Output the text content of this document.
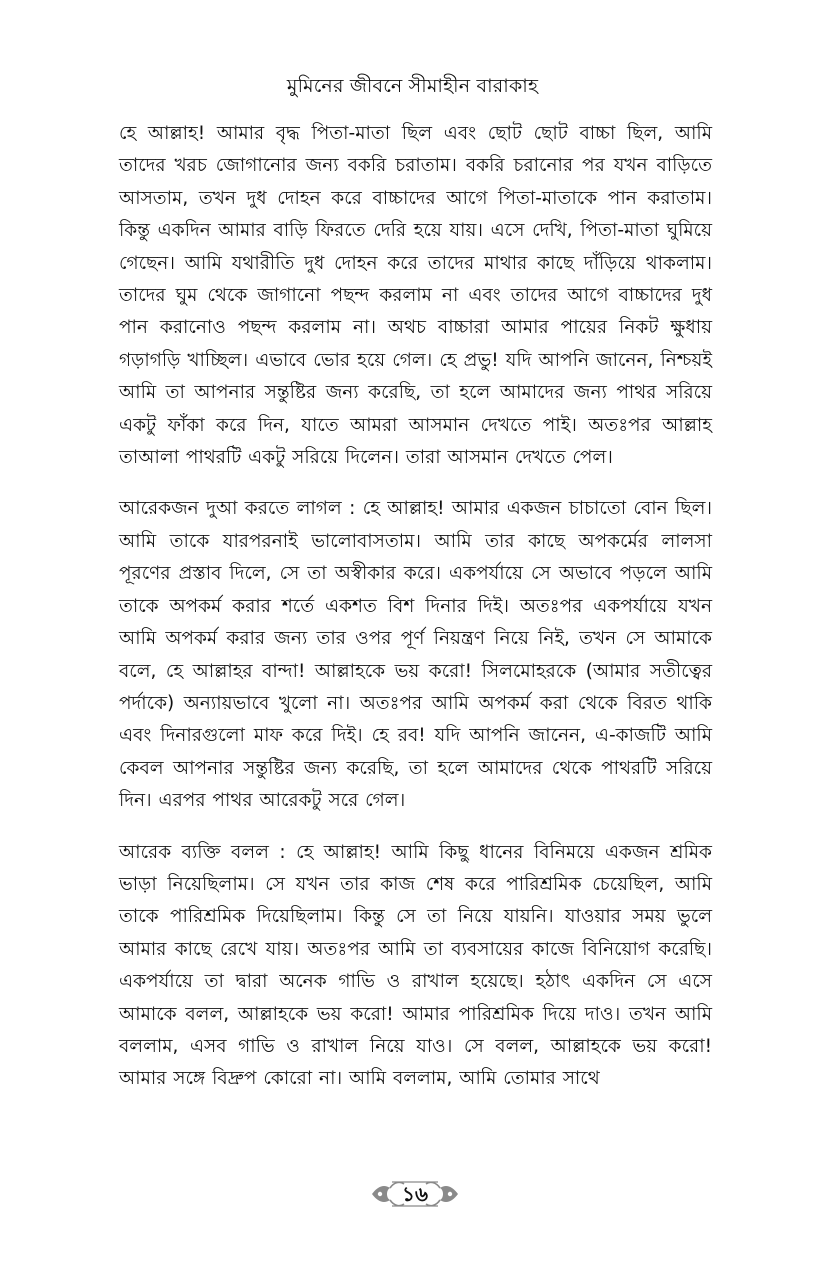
মুমিনের জীবনে সীমাহীন বারাকাহ

হে আল্লাহ! আমার বৃদ্ধ পিতা-মাতা ছিল এবং ছোট ছোট বাচ্চা ছিল, আমি তাদের খরচ জোগানোর জন্য বকরি চরাতাম। বকরি চরানোর পর যখন বাড়িতে আসতাম, তখন দুধ দোহন করে বাচ্চাদের আগে পিতা-মাতাকে পান করাতাম। কিন্তু একদিন আমার বাড়ি ফিরতে দেরি হয়ে যায়। এসে দেখি, পিতা-মাতা ঘুমিয়ে গেছেন। আমি যথারীতি দুধ দোহন করে তাদের মাথার কাছে দাঁড়িয়ে থাকলাম। তাদের ঘুম থেকে জাগানো পছন্দ করলাম না এবং তাদের আগে বাচ্চাদের দুধ পান করানোও পছন্দ করলাম না। অথচ বাচ্চারা আমার পায়ের নিকট ক্ষুধায় গড়াগড়ি খাচ্ছিল। এভাবে ভোর হয়ে গেল। হে প্রভু! যদি আপনি জানেন, নিশ্চয়ই আমি তা আপনার সন্তুষ্টির জন্য করেছি, তা হলে আমাদের জন্য পাথর সরিয়ে একটু ফাঁকা করে দিন, যাতে আমরা আসমান দেখতে পাই। অতঃপর আল্লাহ তাআলা পাথরটি একটু সরিয়ে দিলেন। তারা আসমান দেখতে পেল।

আরেকজন দুআ করতে লাগল : হে আল্লাহ! আমার একজন চাচাতো বোন ছিল। আমি তাকে যারপরনাই ভালোবাসতাম। আমি তার কাছে অপকর্মের লালসা পূরণের প্রস্তাব দিলে, সে তা অস্বীকার করে। একপর্যায়ে সে অভাবে পড়লে আমি তাকে অপকর্ম করার শর্তে একশত বিশ দিনার দিই। অতঃপর একপর্যায়ে যখন আমি অপকর্ম করার জন্য তার ওপর পূর্ণ নিয়ন্ত্রণ নিয়ে নিই, তখন সে আমাকে বলে, হে আল্লাহর বান্দা! আল্লাহকে ভয় করো! সিলমোহরকে (আমার সতীত্বের পর্দাকে) অন্যায়ভাবে খুলো না। অতঃপর আমি অপকর্ম করা থেকে বিরত থাকি এবং দিনারগুলো মাফ করে দিই। হে রব! যদি আপনি জানেন, এ-কাজটি আমি কেবল আপনার সন্তুষ্টির জন্য করেছি, তা হলে আমাদের থেকে পাথরটি সরিয়ে দিন। এরপর পাথর আরেকটু সরে গেল।

আরেক ব্যক্তি বলল : হে আল্লাহ! আমি কিছু ধানের বিনিময়ে একজন শ্রমিক ভাড়া নিয়েছিলাম। সে যখন তার কাজ শেষ করে পারিশ্রমিক চেয়েছিল, আমি তাকে পারিশ্রমিক দিয়েছিলাম। কিন্তু সে তা নিয়ে যায়নি। যাওয়ার সময় ভুলে আমার কাছে রেখে যায়। অতঃপর আমি তা ব্যবসায়ের কাজে বিনিয়োগ করেছি। একপর্যায়ে তা দ্বারা অনেক গাভি ও রাখাল হয়েছে। হঠাৎ একদিন সে এসে আমাকে বলল, আল্লাহকে ভয় করো! আমার পারিশ্রমিক দিয়ে দাও। তখন আমি বললাম, এসব গাভি ও রাখাল নিয়ে যাও। সে বলল, আল্লাহকে ভয় করো! আমার সঙ্গে বিদ্রুপ কোরো না। আমি বললাম, আমি তোমার সাথে

১৬
